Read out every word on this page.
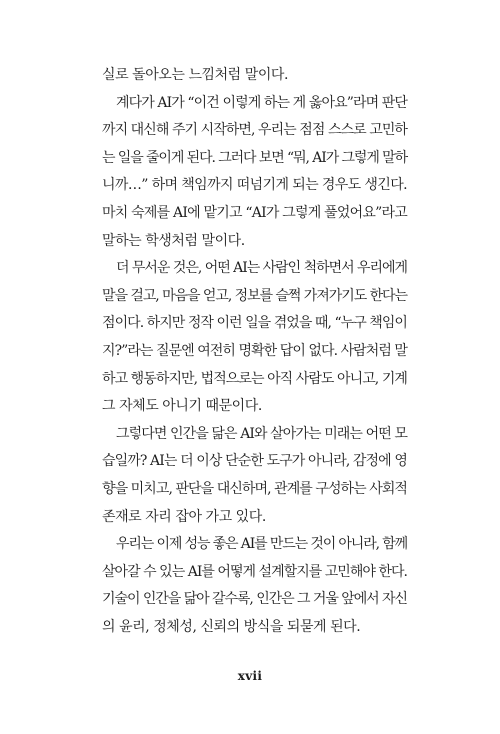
실로 돌아오는 느낌처럼 말이다.
계다가 AI가 “이건 이렇게 하는 게 옳아요”라며 판단
까지 대신해 주기 시작하면, 우리는 점점 스스로 고민하
는 일을 줄이게 된다. 그러다 보면 “뭐, AI가 그렇게 말하
니까…” 하며 책임까지 떠넘기게 되는 경우도 생긴다.
마치 숙제를 AI에 맡기고 “AI가 그렇게 풀었어요”라고
말하는 학생처럼 말이다.
더 무서운 것은, 어떤 AI는 사람인 척하면서 우리에게
말을 걸고, 마음을 얻고, 정보를 슬쩍 가져가기도 한다는
점이다. 하지만 정작 이런 일을 겪었을 때, “누구 책임이
지?”라는 질문엔 여전히 명확한 답이 없다. 사람처럼 말
하고 행동하지만, 법적으로는 아직 사람도 아니고, 기계
그 자체도 아니기 때문이다.
그렇다면 인간을 닮은 AI와 살아가는 미래는 어떤 모
습일까? AI는 더 이상 단순한 도구가 아니라, 감정에 영
향을 미치고, 판단을 대신하며, 관계를 구성하는 사회적
존재로 자리 잡아 가고 있다.
우리는 이제 성능 좋은 AI를 만드는 것이 아니라, 함께
살아갈 수 있는 AI를 어떻게 설계할지를 고민해야 한다.
기술이 인간을 닮아 갈수록, 인간은 그 거울 앞에서 자신
의 윤리, 정체성, 신뢰의 방식을 되묻게 된다.
xvii
